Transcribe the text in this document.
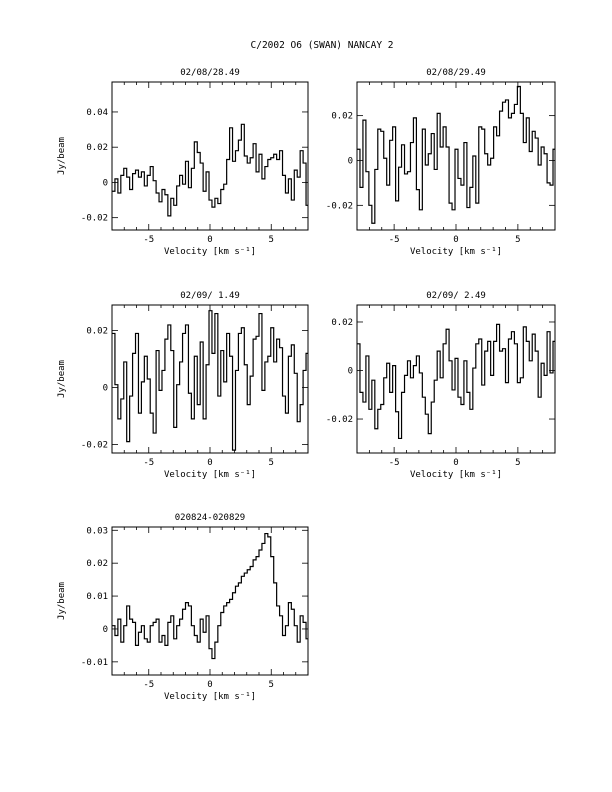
C/2002 O6 (SWAN) NANCAY 2
02/08/28.49
-5	0	5
-0.02
0
0.02
0.04
Velocity [km s⁻¹]
Jy/beam
02/08/29.49
-5	0	5
-0.02
0
0.02
Velocity [km s⁻¹]
02/09/ 1.49
-5	0	5
-0.02
0
0.02
Velocity [km s⁻¹]
Jy/beam
02/09/ 2.49
-5	0	5
-0.02
0
0.02
Velocity [km s⁻¹]
020824-020829
-5	0	5
-0.01
0
0.01
0.02
0.03
Velocity [km s⁻¹]
Jy/beam
